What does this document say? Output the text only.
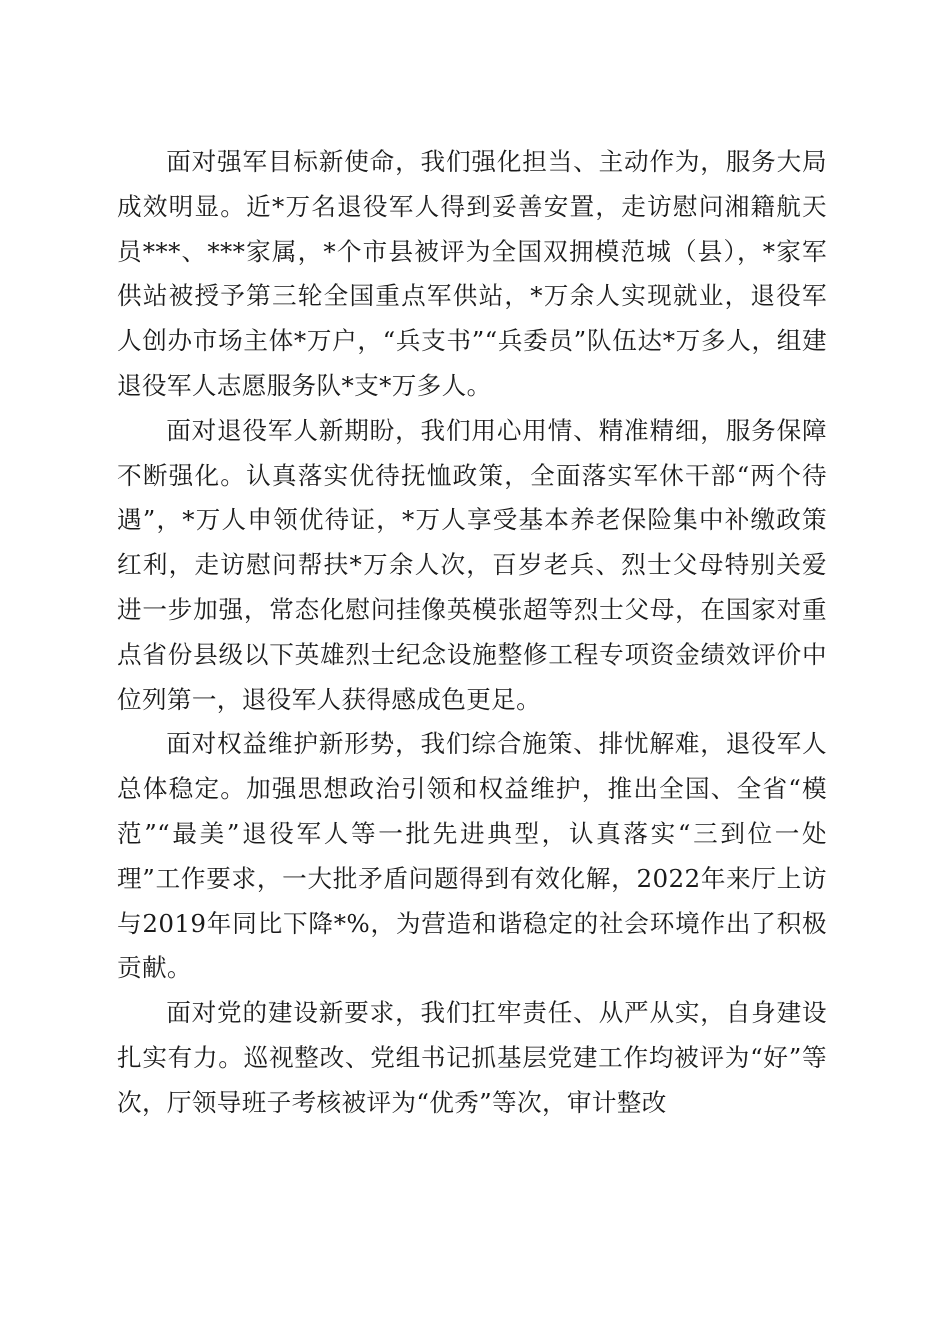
面对强军目标新使命，我们强化担当、主动作为，服务大局成效明显。近*万名退役军人得到妥善安置，走访慰问湘籍航天员***、***家属，*个市县被评为全国双拥模范城（县），*家军供站被授予第三轮全国重点军供站，*万余人实现就业，退役军人创办市场主体*万户，“兵支书”“兵委员”队伍达*万多人，组建退役军人志愿服务队*支*万多人。

面对退役军人新期盼，我们用心用情、精准精细，服务保障不断强化。认真落实优待抚恤政策，全面落实军休干部“两个待遇”，*万人申领优待证，*万人享受基本养老保险集中补缴政策红利，走访慰问帮扶*万余人次，百岁老兵、烈士父母特别关爱进一步加强，常态化慰问挂像英模张超等烈士父母，在国家对重点省份县级以下英雄烈士纪念设施整修工程专项资金绩效评价中位列第一，退役军人获得感成色更足。

面对权益维护新形势，我们综合施策、排忧解难，退役军人总体稳定。加强思想政治引领和权益维护，推出全国、全省“模范”“最美”退役军人等一批先进典型，认真落实“三到位一处理”工作要求，一大批矛盾问题得到有效化解，2022年来厅上访与2019年同比下降*%，为营造和谐稳定的社会环境作出了积极贡献。

面对党的建设新要求，我们扛牢责任、从严从实，自身建设扎实有力。巡视整改、党组书记抓基层党建工作均被评为“好”等次，厅领导班子考核被评为“优秀”等次，审计整改
